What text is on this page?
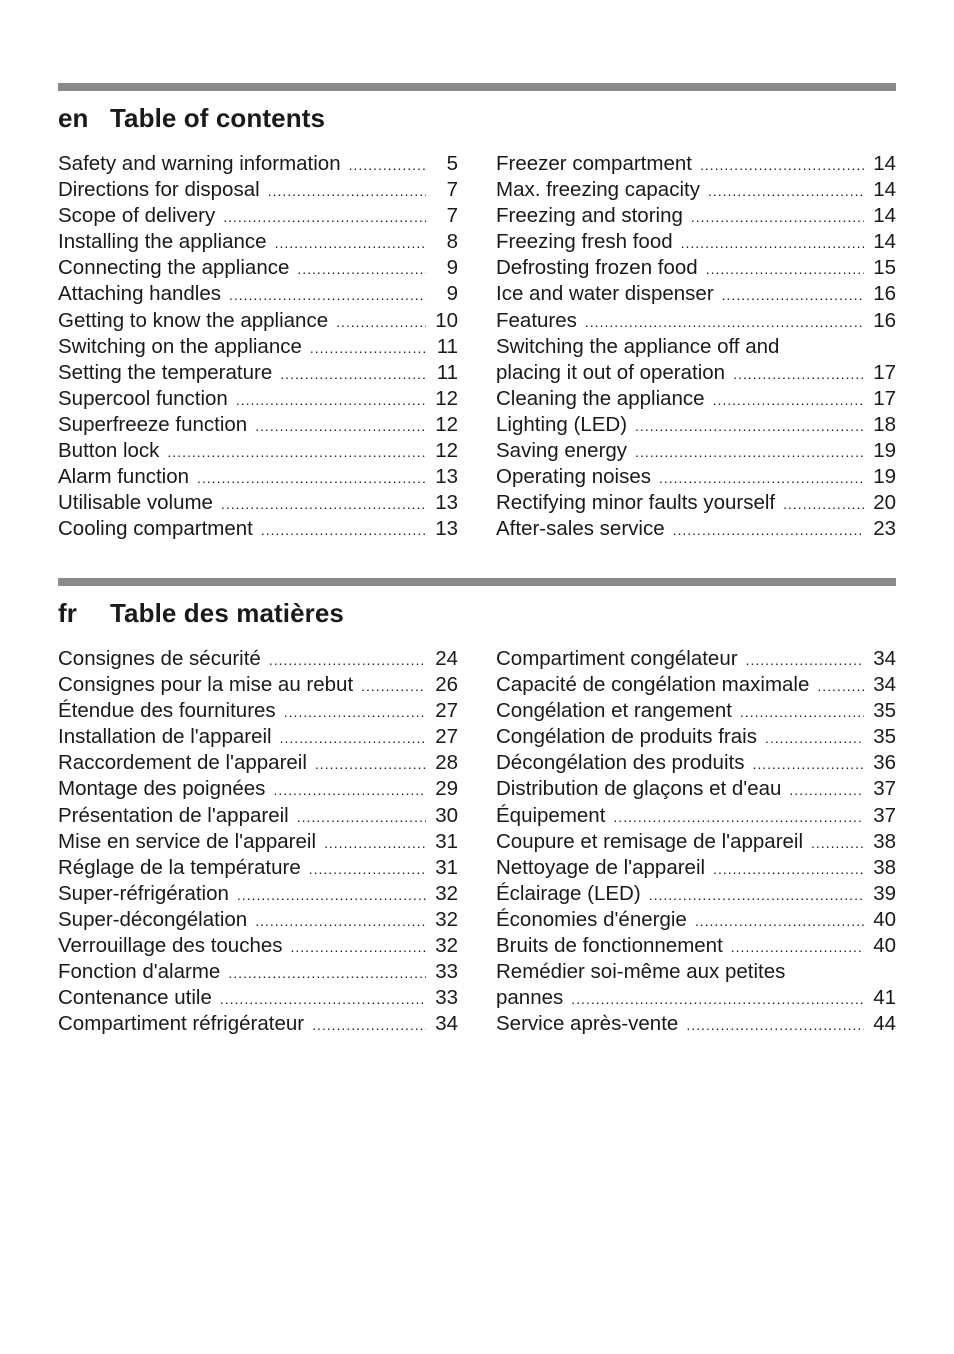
en Table of contents
Safety and warning information .....	5
Directions for disposal .....	7
Scope of delivery .....	7
Installing the appliance .....	8
Connecting the appliance .....	9
Attaching handles .....	9
Getting to know the appliance .....	10
Switching on the appliance .....	11
Setting the temperature .....	11
Supercool function .....	12
Superfreeze function .....	12
Button lock .....	12
Alarm function .....	13
Utilisable volume .....	13
Cooling compartment .....	13
Freezer compartment .....	14
Max. freezing capacity .....	14
Freezing and storing .....	14
Freezing fresh food .....	14
Defrosting frozen food .....	15
Ice and water dispenser .....	16
Features .....	16
Switching the appliance off and
placing it out of operation .....	17
Cleaning the appliance .....	17
Lighting (LED) .....	18
Saving energy .....	19
Operating noises .....	19
Rectifying minor faults yourself .....	20
After-sales service .....	23
fr	Table des matières
Consignes de sécurité .....	24
Consignes pour la mise au rebut .....	26
Étendue des fournitures .....	27
Installation de l'appareil .....	27
Raccordement de l'appareil .....	28
Montage des poignées .....	29
Présentation de l'appareil .....	30
Mise en service de l'appareil .....	31
Réglage de la température .....	31
Super-réfrigération .....	32
Super-décongélation .....	32
Verrouillage des touches .....	32
Fonction d'alarme .....	33
Contenance utile .....	33
Compartiment réfrigérateur .....	34
Compartiment congélateur .....	34
Capacité de congélation maximale .....	34
Congélation et rangement .....	35
Congélation de produits frais .....	35
Décongélation des produits .....	36
Distribution de glaçons et d'eau .....	37
Équipement .....	37
Coupure et remisage de l'appareil .....	38
Nettoyage de l'appareil .....	38
Éclairage (LED) .....	39
Économies d'énergie .....	40
Bruits de fonctionnement .....	40
Remédier soi-même aux petites
pannes .....	41
Service après-vente .....	44
